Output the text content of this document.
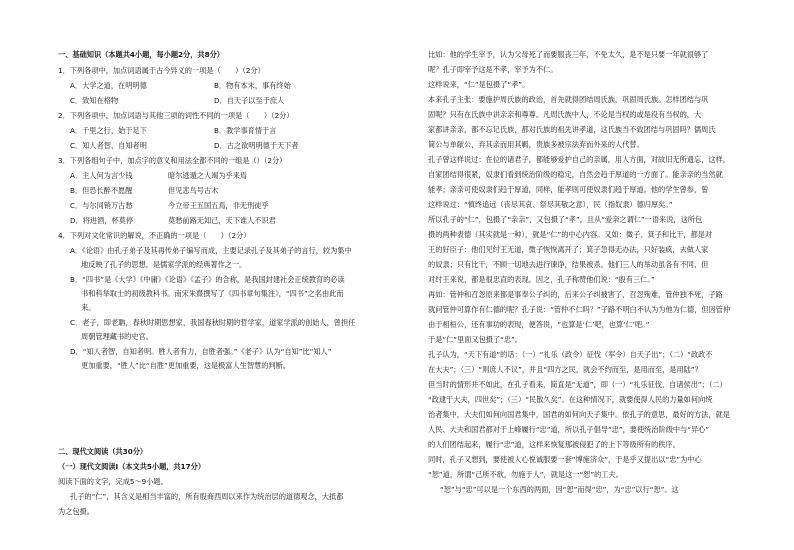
一、基础知识（本题共4小题，每小题2分，共8分）
1．下列各项中，加点词语属于古今异义的一项是（　　）（2分）
A．大学之道，在明明德	B．物有本末，事有终始
C．致知在格物	D．自天子以至于庶人
2．下列各项中，加点词语与其他三项的词性不同的一项是（　　）（2分）
A．千里之行，始于足下	B．教学事育情于言
C．知人者智，自知者明	D．古之欲明明德于天下者
3．下列各组句子中，加点字的意义和用法全都不同的一组是（）（2分）
A．主人何为言少钱	暗尔逃遁之人竭为乎来焉
B．但恐长醉不愿醒	但见悲鸟号古木
C．与尔同销万古愁	今立帝王五国五焉，非无刑徒乎
D．将进酒，杯莫停	莫愁前路无知己，天下谁人不识君
4．下列对文化常识的解说，不正确的一项是（　　）（2分）
A．《论语》由孔子弟子及其再传弟子编写而成，主要记录孔子及其弟子的言行，较为集中
地反映了孔子的思想，是儒家学派的经典著作之一。
B．“四书”是《大学》《中庸》《论语》《孟子》的合称，是我国封建社会正统教育的必读
书和科举取士的初级教科书。南宋朱熹撰写了《四书章句集注》，“四书”之名由此而
来。
C．老子，即老聃，春秋时期思想家，我国春秋时期的哲学家，道家学派的创始人，曾担任
周朝管理藏书的史官。
D．“知人者智，自知者明。胜人者有力，自胜者强。”《老子》认为“自知”比“知人”
更加重要，“胜人”比“自胜”更加重要，这是极富人生智慧的判断。
二、现代文阅读（共30分）
（一）现代文阅读Ⅰ（本文共5小题，共17分）
阅读下面的文字，完成5～9小题。
孔子的“仁”，其含义是相当丰富的，所有殷商西周以来作为统治层的道德观念，大抵都
为之包摄。
比如：他的学生宰予，认为父母死了而要服丧三年，不免太久，是不是只要一年就很够了
呢？孔子即宰予这是不孝，宰予为不仁。
这样说来，“仁”是包摄了“孝”。
本来孔子主张：要施护周氏族的政治，首先就得团结周氏族，巩固周氏族。怎样团结与巩
固呢？只有在氏族中讲亲亲和尊尊。凡周氏族中人，不论是当权的或是没有当权的，大
家都讲亲亲，都不忘记氏族，都对氏族的祖先讲孝道，这氏族当不致团结与巩固吗？儒周氏
简公与单献公，弃其亲而用其羁，贵族多被宗法弃而外来的人代替。
孔子曾这样说过：在位的诸君子，都能够爱护自己的亲属，用人方面，对故旧无所遗忘，这样，
自家团结得很紧，奴隶们看到统治阶级的稳定，自然会趋于厚道的一方面了。能亲亲的当然就
能孝；亲亲可使奴隶们趋于厚道，同样，能孝则可使奴隶们趋于厚道。他的学生曾参，曾
这样说过：“慎终追远（丧尽其哀、祭尽其敬之意），民（指奴隶）德归厚矣。”
所以孔子的“仁”，包摄了“亲亲”，又包摄了“孝”，且从“爱亲之谓仁”一语来说，这所包
摄的两种表德（其实就是一种），就是“仁”的中心内容。又如：微子、箕子和比干，都是对
王的好臣子：他们见纣王无道，微子恢恢离开了；箕子急得无办法，只好装疯，去做人家
的奴隶；只有比干，不顾一切地去进行谏诤，结果被杀。他们三人的举动虽各有不同，但
对纣王来说，都是很忠直的表现。因之，孔子称赞他们说：“殷有三仁。”
再如：管仲和召忽原来都是事奉公子纠的，后来公子纠被害了，召忽殉难，管仲独不死，子路
就问管仲可算作有仁德的呢？孔子说：“管仲不仁吗？”子路不明白不认为为他为仁德，但因管仲
由于相桓公，还有事功的表现，便答说，“也算是‘仁’吧，也算‘仁’吧。”
于是“仁”里面又包摄了“忠”。
孔子认为，“天下有道”的话：（一）“礼乐（政令）征伐（军令）自天子出”；（二）“政政不
在大夫”；（三）“则庶人不议”，并且“四方之民，就会不约而至，是用而至，是用陆”？
但当时的情形并不如此，在孔子看来，简直是“无道”，即（一）“礼乐征伐，自诸侯出”；（二）
“政逮于大夫，四世矣”；（三）“民散久矣”。在这种情况下，就要使得人民的力量如何向统
治者集中，大夫们如何向国君集中，国君的如何向天子集中。依孔子的意思，最好的方法，就是
人民、大夫和国君都对于上峰履行“忠”道，所以孔子倡导“忠”，要使统治阶级中与“异心”
的人们团结起来，履行“忠”道，这样来恢复那被侵犯了的上下等级所有的秩序。
同时，孔子又想到，要使被人心悦诚服要一套“博施济众”，于是乎又提出以“忠”为中心
“恕”道，所谓“己所不欲，勿施于人”，就是这一“恕”的工夫。
“恕”与“忠”可以是一个东西的两面，因“恕”而得“忠”，为“忠”以行“恕”。这
